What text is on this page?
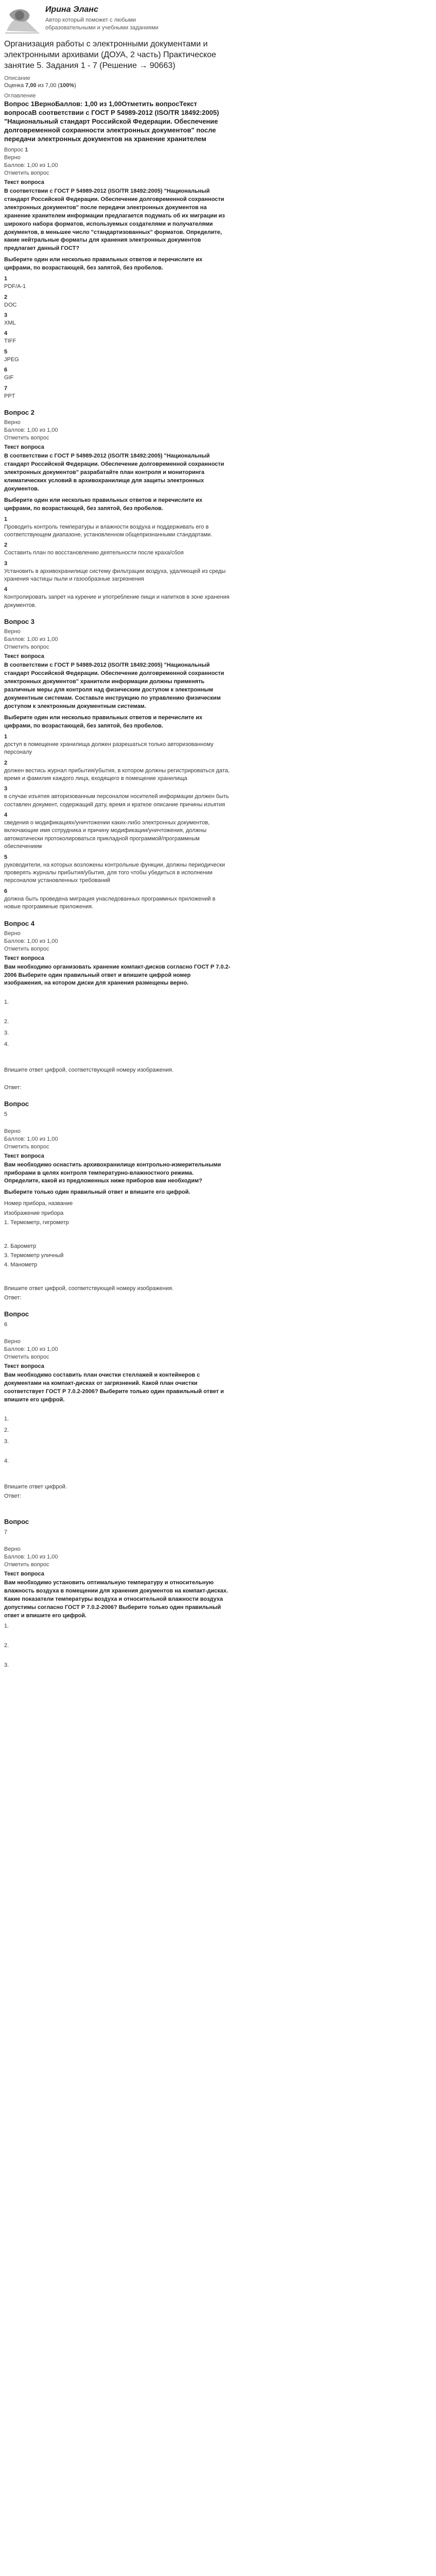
Ирина Эланс
Автор который поможет с любыми образовательными и учебными заданиями
Организация работы с электронными документами и электронными архивами (ДОУА, 2 часть) Практическое занятие 5. Задания 1 - 7 (Решение → 90663)
Описание
Оценка 7,00 из 7,00 (100%)
Оглавление
Вопрос 1ВерноБаллов: 1,00 из 1,00Отметить вопросТекст вопросаВ соответствии с ГОСТ Р 54989-2012 (ISO/TR 18492:2005) "Национальный стандарт Российской Федерации. Обеспечение долговременной сохранности электронных документов" после передачи электронных документов на хранение хранителем
Вопрос 1
Верно
Баллов: 1,00 из 1,00
Отметить вопрос
Текст вопроса
В соответствии с ГОСТ Р 54989-2012 (ISO/TR 18492:2005) "Национальный стандарт Российской Федерации. Обеспечение долговременной сохранности электронных документов" после передачи электронных документов на хранение хранителем информации предлагается подумать об их миграции из широкого набора форматов, используемых создателями и получателями документов, в меньшее число "стандартизованных" форматов. Определите, какие нейтральные форматы для хранения электронных документов предлагает данный ГОСТ?
Выберите один или несколько правильных ответов и перечислите их цифрами, по возрастающей, без запятой, без пробелов.
1
PDF/A-1
2
DOC
3
XML
4
TIFF
5
JPEG
6
GIF
7
PPT
Вопрос 2
Верно
Баллов: 1,00 из 1,00
Отметить вопрос
Текст вопроса
В соответствии с ГОСТ Р 54989-2012 (ISO/TR 18492:2005) "Национальный стандарт Российской Федерации. Обеспечение долговременной сохранности электронных документов" разрабатайте план контроля и мониторинга климатических условий в архивохранилище для защиты электронных документов.
Выберите один или несколько правильных ответов и перечислите их цифрами, по возрастающей, без запятой, без пробелов.
1
Проводить контроль температуры и влажности воздуха и поддерживать его в соответствующем диапазоне, установленном общепризнанными стандартами.
2
Составить план по восстановлению деятельности после краха/сбоя
3
Установить в архивохранилище систему фильтрации воздуха, удаляющей из среды хранения частицы пыли и газообразные загрязнения
4
Контролировать запрет на курение и употребление пищи и напитков в зоне хранения документов.
Вопрос 3
Верно
Баллов: 1,00 из 1,00
Отметить вопрос
Текст вопроса
В соответствии с ГОСТ Р 54989-2012 (ISO/TR 18492:2005) "Национальный стандарт Российской Федерации. Обеспечение долговременной сохранности электронных документов" хранители информации должны применять различные меры для контроля над физическим доступом к электронным документным системам. Составьте инструкцию по управлению физическим доступом к электронным документным системам.
Выберите один или несколько правильных ответов и перечислите их цифрами, по возрастающей, без запятой, без пробелов.
1
доступ в помещение хранилища должен разрешаться только авторизованному персоналу
2
должен вестись журнал прибытия/убытия, в котором должны регистрироваться дата, время и фамилия каждого лица, входящего в помещение хранилища
3
в случае изъятия авторизованным персоналом носителей информации должен быть составлен документ, содержащий дату, время и краткое описание причины изъятия
4
сведения о модификациях/уничтожении каких-либо электронных документов, включающие имя сотрудника и причину модификации/уничтожения, должны автоматически протоколироваться прикладной программой/программным обеспечением
5
руководители, на которых возложены контрольные функции, должны периодически проверять журналы прибытия/убытия, для того чтобы убедиться в исполнении персоналом установленных требований
6
должна быть проведена миграция унаследованных программных приложений в новые программные приложения.
Вопрос 4
Верно
Баллов: 1,00 из 1,00
Отметить вопрос
Текст вопроса
Вам необходимо организовать хранение компакт-дисков согласно ГОСТ Р 7.0.2-2006 Выберите один правильный ответ и впишите цифрой номер изображения, на котором диски для хранения размещены верно.
1.
2.
3.
4.
Впишите ответ цифрой, соответствующей номеру изображения.
Ответ:
Вопрос
5
Верно
Баллов: 1,00 из 1,00
Отметить вопрос
Текст вопроса
Вам необходимо оснастить архивохранилище контрольно-измерительными приборами в целях контроля температурно-влажностного режима. Определите, какой из предложенных ниже приборов вам необходим?
Выберите только один правильный ответ и впишите его цифрой.
Номер прибора, название
Изображение прибора
1. Термометр, гигрометр
2. Барометр
3. Термометр уличный
4. Манометр
Впишите ответ цифрой, соответствующей номеру изображения.
Ответ:
Вопрос
6
Верно
Баллов: 1,00 из 1,00
Отметить вопрос
Текст вопроса
Вам необходимо составить план очистки стеллажей и контейнеров с документами на компакт-дисках от загрязнений. Какой план очистки соответствует ГОСТ Р 7.0.2-2006? Выберите только один правильный ответ и впишите его цифрой.
1.
2.
3.
4.
Впишите ответ цифрой.
Ответ:
Вопрос
7
Верно
Баллов: 1,00 из 1,00
Отметить вопрос
Текст вопроса
Вам необходимо установить оптимальную температуру и относительную влажность воздуха в помещении для хранения документов на компакт-дисках. Какие показатели температуры воздуха и относительной влажности воздуха допустимы согласно ГОСТ Р 7.0.2-2006? Выберите только один правильный ответ и впишите его цифрой.
1.
2.
3.
